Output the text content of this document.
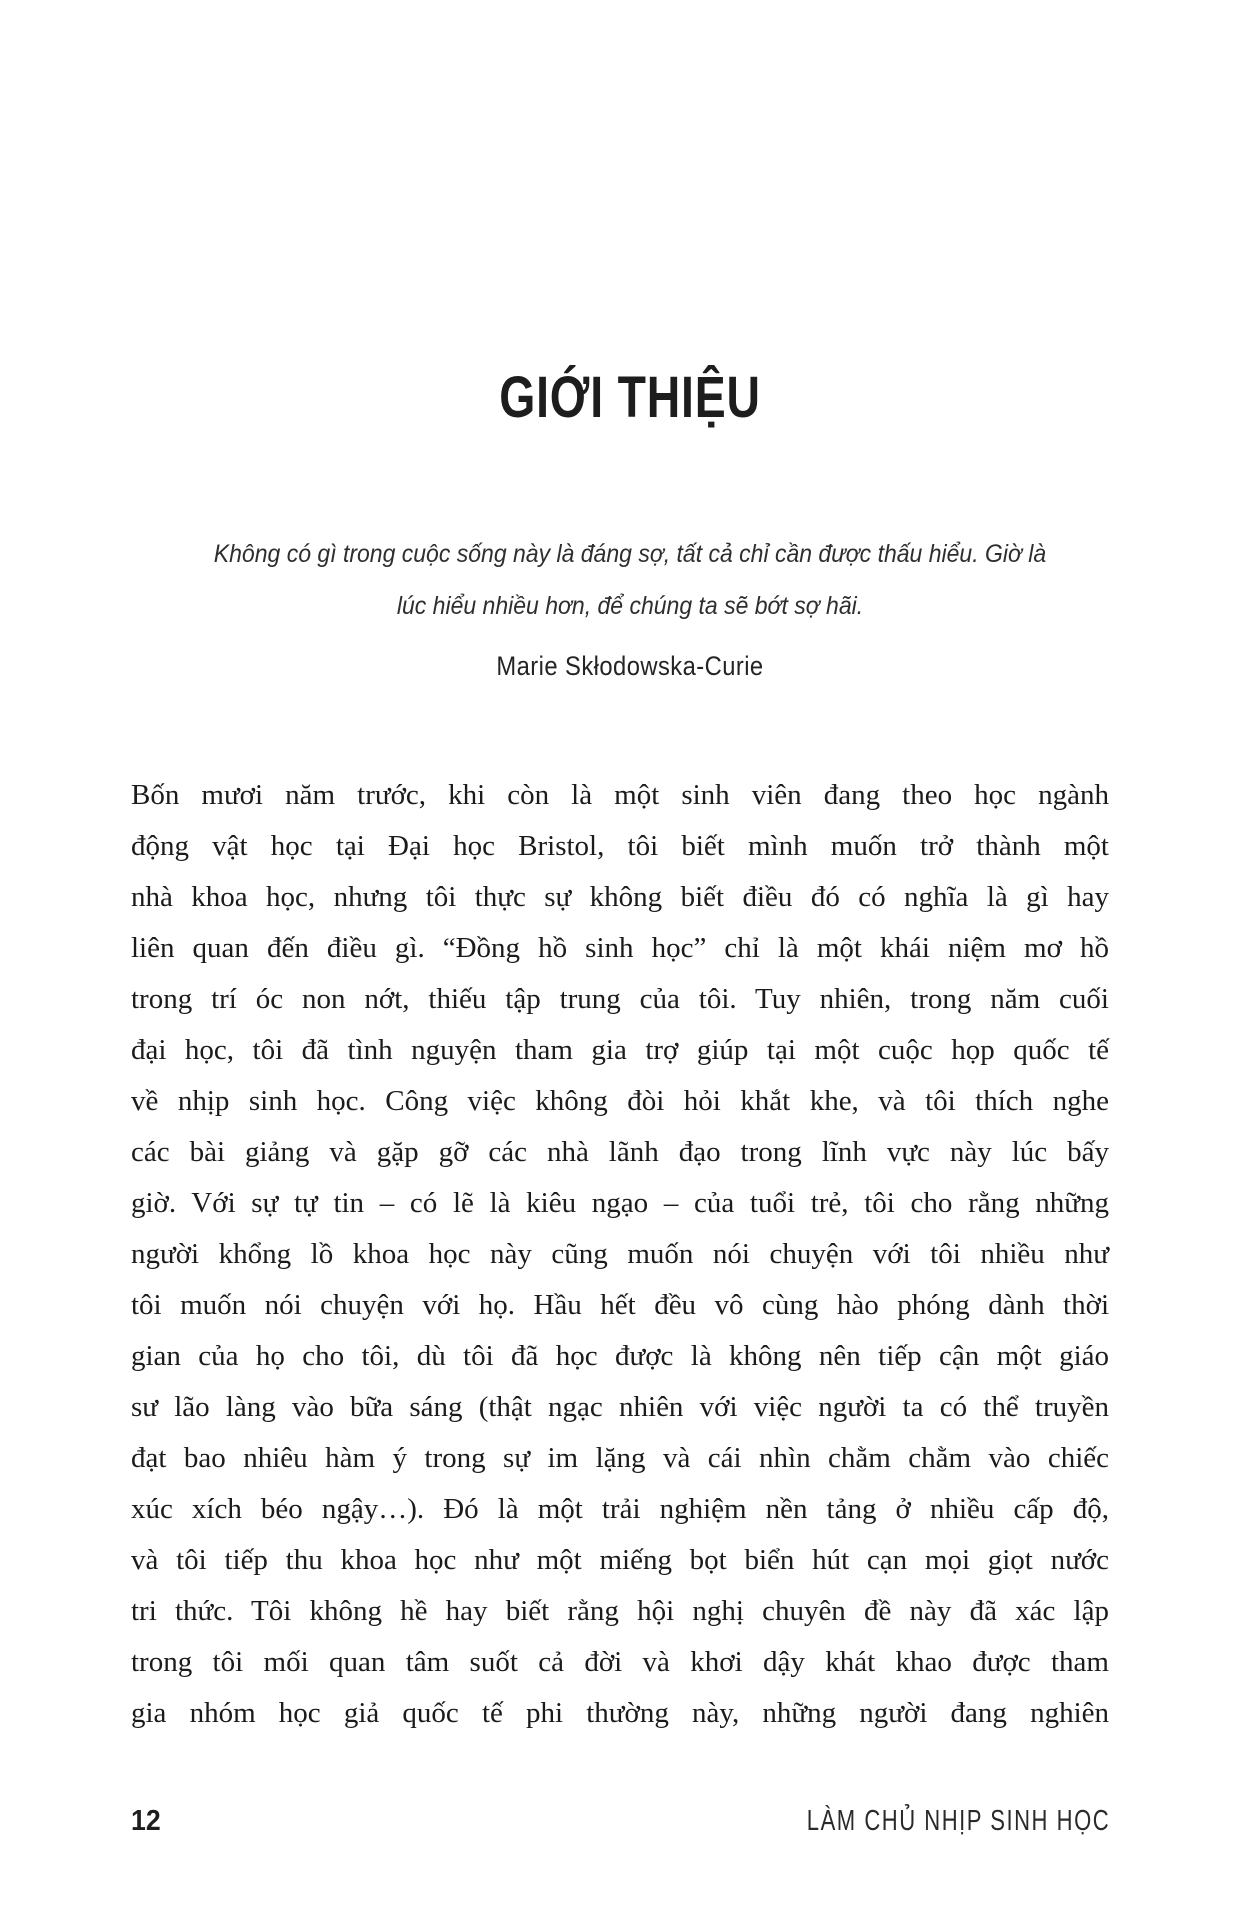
GIỚI THIỆU
Không có gì trong cuộc sống này là đáng sợ, tất cả chỉ cần được thấu hiểu. Giờ là
lúc hiểu nhiều hơn, để chúng ta sẽ bớt sợ hãi.
Marie Skłodowska-Curie
Bốn mươi năm trước, khi còn là một sinh viên đang theo học ngành
động vật học tại Đại học Bristol, tôi biết mình muốn trở thành một
nhà khoa học, nhưng tôi thực sự không biết điều đó có nghĩa là gì hay
liên quan đến điều gì. “Đồng hồ sinh học” chỉ là một khái niệm mơ hồ
trong trí óc non nớt, thiếu tập trung của tôi. Tuy nhiên, trong năm cuối
đại học, tôi đã tình nguyện tham gia trợ giúp tại một cuộc họp quốc tế
về nhịp sinh học. Công việc không đòi hỏi khắt khe, và tôi thích nghe
các bài giảng và gặp gỡ các nhà lãnh đạo trong lĩnh vực này lúc bấy
giờ. Với sự tự tin – có lẽ là kiêu ngạo – của tuổi trẻ, tôi cho rằng những
người khổng lồ khoa học này cũng muốn nói chuyện với tôi nhiều như
tôi muốn nói chuyện với họ. Hầu hết đều vô cùng hào phóng dành thời
gian của họ cho tôi, dù tôi đã học được là không nên tiếp cận một giáo
sư lão làng vào bữa sáng (thật ngạc nhiên với việc người ta có thể truyền
đạt bao nhiêu hàm ý trong sự im lặng và cái nhìn chằm chằm vào chiếc
xúc xích béo ngậy…). Đó là một trải nghiệm nền tảng ở nhiều cấp độ,
và tôi tiếp thu khoa học như một miếng bọt biển hút cạn mọi giọt nước
tri thức. Tôi không hề hay biết rằng hội nghị chuyên đề này đã xác lập
trong tôi mối quan tâm suốt cả đời và khơi dậy khát khao được tham
gia nhóm học giả quốc tế phi thường này, những người đang nghiên
12	LÀM CHỦ NHỊP SINH HỌC
